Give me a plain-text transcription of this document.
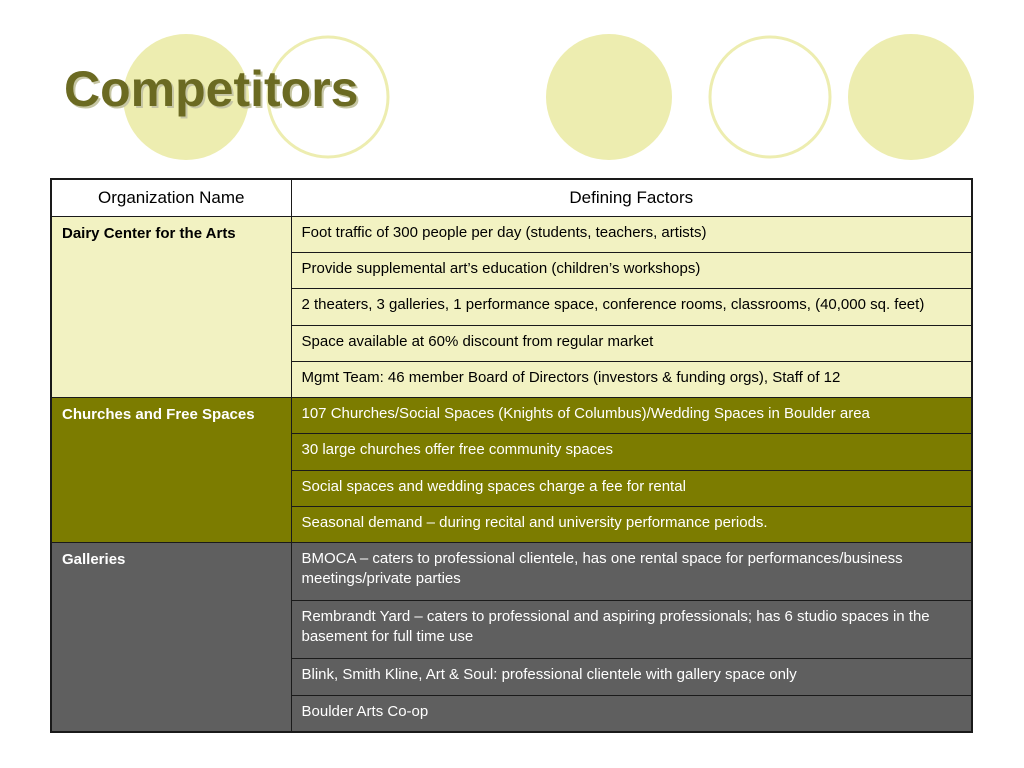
Competitors
Organization Name	Defining Factors
Dairy Center for the Arts	Foot traffic of 300 people per day (students, teachers, artists)
	Provide supplemental art’s education (children’s workshops)
	2 theaters, 3 galleries, 1 performance space, conference rooms, classrooms, (40,000 sq. feet)
	Space available at 60% discount from regular market
	Mgmt Team: 46 member Board of Directors (investors & funding orgs), Staff of 12
Churches and Free Spaces	107 Churches/Social Spaces (Knights of Columbus)/Wedding Spaces in Boulder area
	30 large churches offer free community spaces
	Social spaces and wedding spaces charge a fee for rental
	Seasonal demand – during recital and university performance periods.
Galleries	BMOCA – caters to professional clientele, has one rental space for performances/business meetings/private parties
	Rembrandt Yard – caters to professional and aspiring professionals; has 6 studio spaces in the basement for full time use
	Blink, Smith Kline, Art & Soul: professional clientele with gallery space only
	Boulder Arts Co-op
